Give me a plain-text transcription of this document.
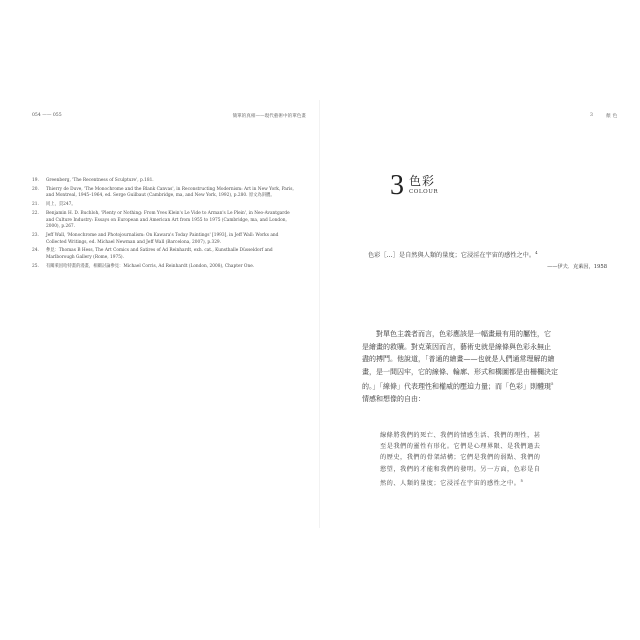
054 —— 055	簡單的真相——現代藝術中的單色畫
19.	Greenberg, 'The Recentness of Sculpture', p.181.
20.	Thierry de Duve, 'The Monochrome and the Blank Canvas', in Reconstructing Modernism: Art in New York, Paris, and Montreal, 1945–1964, ed. Serge Guilbaut (Cambridge, ma, and New York, 1992), p.280. 原文為斜體。
21.	同上，頁247。
22.	Benjamin H. D. Buchloh, 'Plenty or Nothing: From Yves Klein's Le Vide to Arman's Le Plein', in Neo-Avantgarde and Culture Industry: Essays on European and American Art from 1955 to 1975 (Cambridge, ma, and London, 2000), p.267.
23.	Jeff Wall, 'Monochrome and Photojournalism: On Kawara's Today Paintings' [1993], in Jeff Wall: Works and Collected Writings, ed. Michael Newman and Jeff Wall (Barcelona, 2007), p.329.
24.	參見：Thomas B Hess, The Art Comics and Satires of Ad Reinhardt, exh. cat., Kunsthalle Düsseldorf and Marlborough Gallery (Rome, 1975).
25.	有關萊因哈特畫的漫畫，相關討論參見：Michael Corris, Ad Reinhardt (London, 2008), Chapter One.
3	顏色
3 色彩
COLOUR
色彩［…］是自然與人類的量度；它浸淫在宇宙的感性之中。$^4$
——伊夫．克萊因，1958
　　對單色主義者而言，色彩應該是一幅畫最有用的屬性，它
是繪畫的救贖。對克萊因而言，藝術史就是線條與色彩永無止
盡的搏鬥。他說道，「普通的繪畫——也就是人們通常理解的繪
畫，是一間囚牢，它的線條、輪廓、形式和構圖都是由柵欄決定
的。」「線條」代表理性和權威的壓迫力量；而「色彩」則體現$^5$
情感和想像的自由：
線條將我們的死亡、我們的情感生活、我們的理性，甚
至是我們的靈性有形化。它們是心理界限、是我們過去
的歷史，我們的骨架結構；它們是我們的弱點、我們的
慾望，我們的才能和我們的發明。另一方面，色彩是自
然的、人類的量度；它浸淫在宇宙的感性之中。$^5$
